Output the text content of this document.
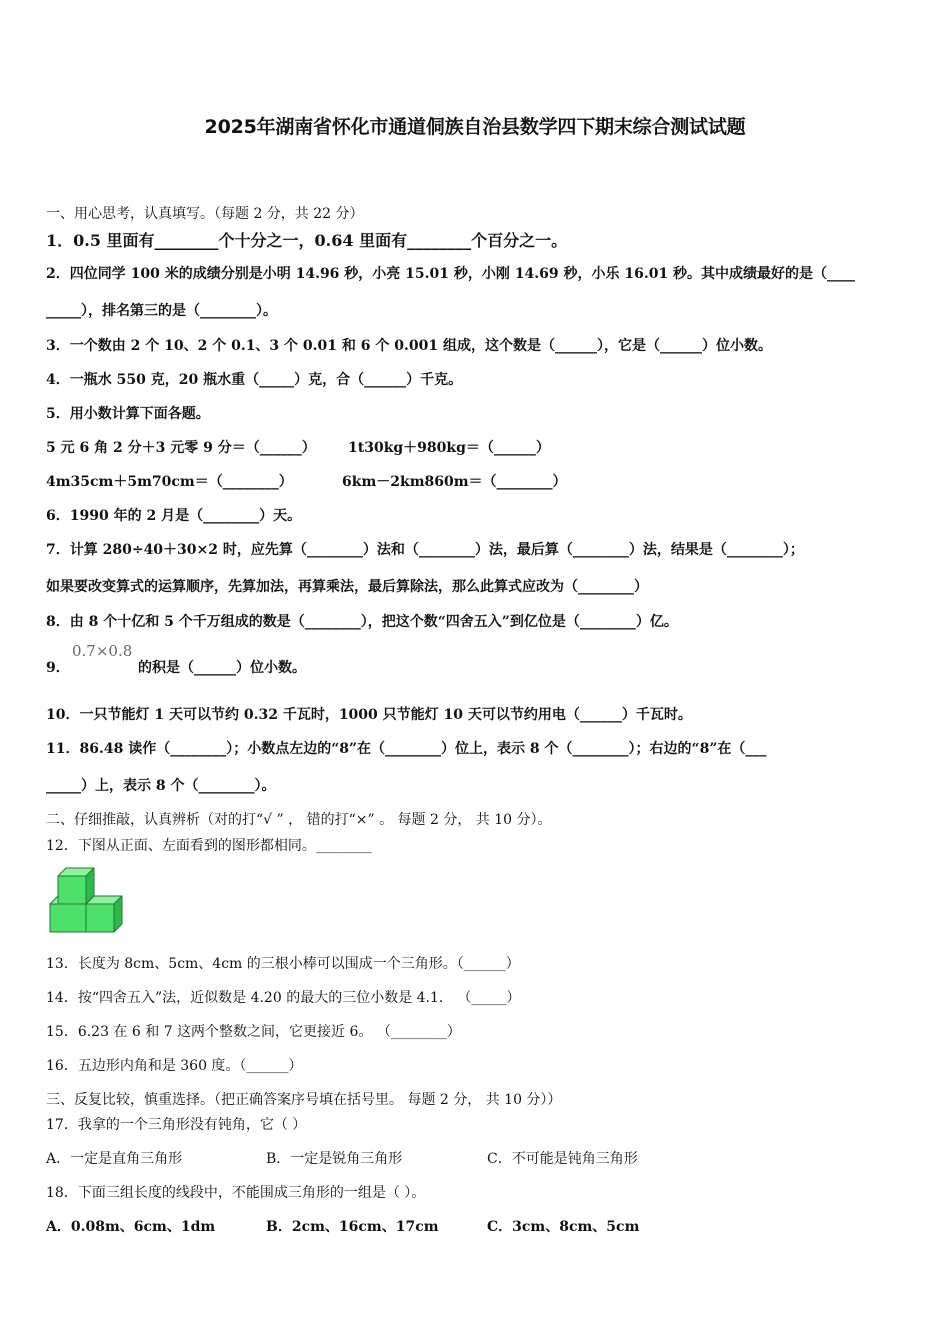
2025年湖南省怀化市通道侗族自治县数学四下期末综合测试试题
一、用心思考，认真填写。（每题 2 分，共 22 分）
1．0.5 里面有________个十分之一，0.64 里面有________个百分之一。
2．四位同学 100 米的成绩分别是小明 14.96 秒，小亮 15.01 秒，小刚 14.69 秒，小乐 16.01 秒。其中成绩最好的是（____
_____），排名第三的是（________）。
3．一个数由 2 个 10、2 个 0.1、3 个 0.01 和 6 个 0.001 组成，这个数是（______），它是（______）位小数。
4．一瓶水 550 克，20 瓶水重（_____）克，合（______）千克。
5．用小数计算下面各题。
5 元 6 角 2 分＋3 元零 9 分＝（______） 1t30kg＋980kg＝（______）
4m35cm＋5m70cm＝（________）	6km－2km860m＝（________）
6．1990 年的 2 月是（________）天。
7．计算 280÷40＋30×2 时，应先算（________）法和（________）法，最后算（________）法，结果是（________）；
如果要改变算式的运算顺序，先算加法，再算乘法，最后算除法，那么此算式应改为（________）
8．由 8 个十亿和 5 个千万组成的数是（________），把这个数“四舍五入”到亿位是（________）亿。
9．
0.7×0.8
的积是（______）位小数。
10．一只节能灯 1 天可以节约 0.32 千瓦时，1000 只节能灯 10 天可以节约用电（______）千瓦时。
11．86.48 读作（________）；小数点左边的“8”在（________）位上，表示 8 个（________）；右边的“8”在（___
_____）上，表示 8 个（________）。
二、仔细推敲，认真辨析（对的打“√ ” ， 错的打“×” 。 每题 2 分， 共 10 分）。
12．下图从正面、左面看到的图形都相同。________
13．长度为 8cm、5cm、4cm 的三根小棒可以围成一个三角形。（______）
14．按“四舍五入”法，近似数是 4.20 的最大的三位小数是 4.1． （_____）
15．6.23 在 6 和 7 这两个整数之间，它更接近 6。 （________）
16．五边形内角和是 360 度。（______）
三、反复比较，慎重选择。（把正确答案序号填在括号里。 每题 2 分， 共 10 分））
17．我拿的一个三角形没有钝角，它（ ）
A．一定是直角三角形	B．一定是锐角三角形	C．不可能是钝角三角形
18．下面三组长度的线段中，不能围成三角形的一组是（ ）。
A．0.08m、6cm、1dm	B．2cm、16cm、17cm	C．3cm、8cm、5cm
